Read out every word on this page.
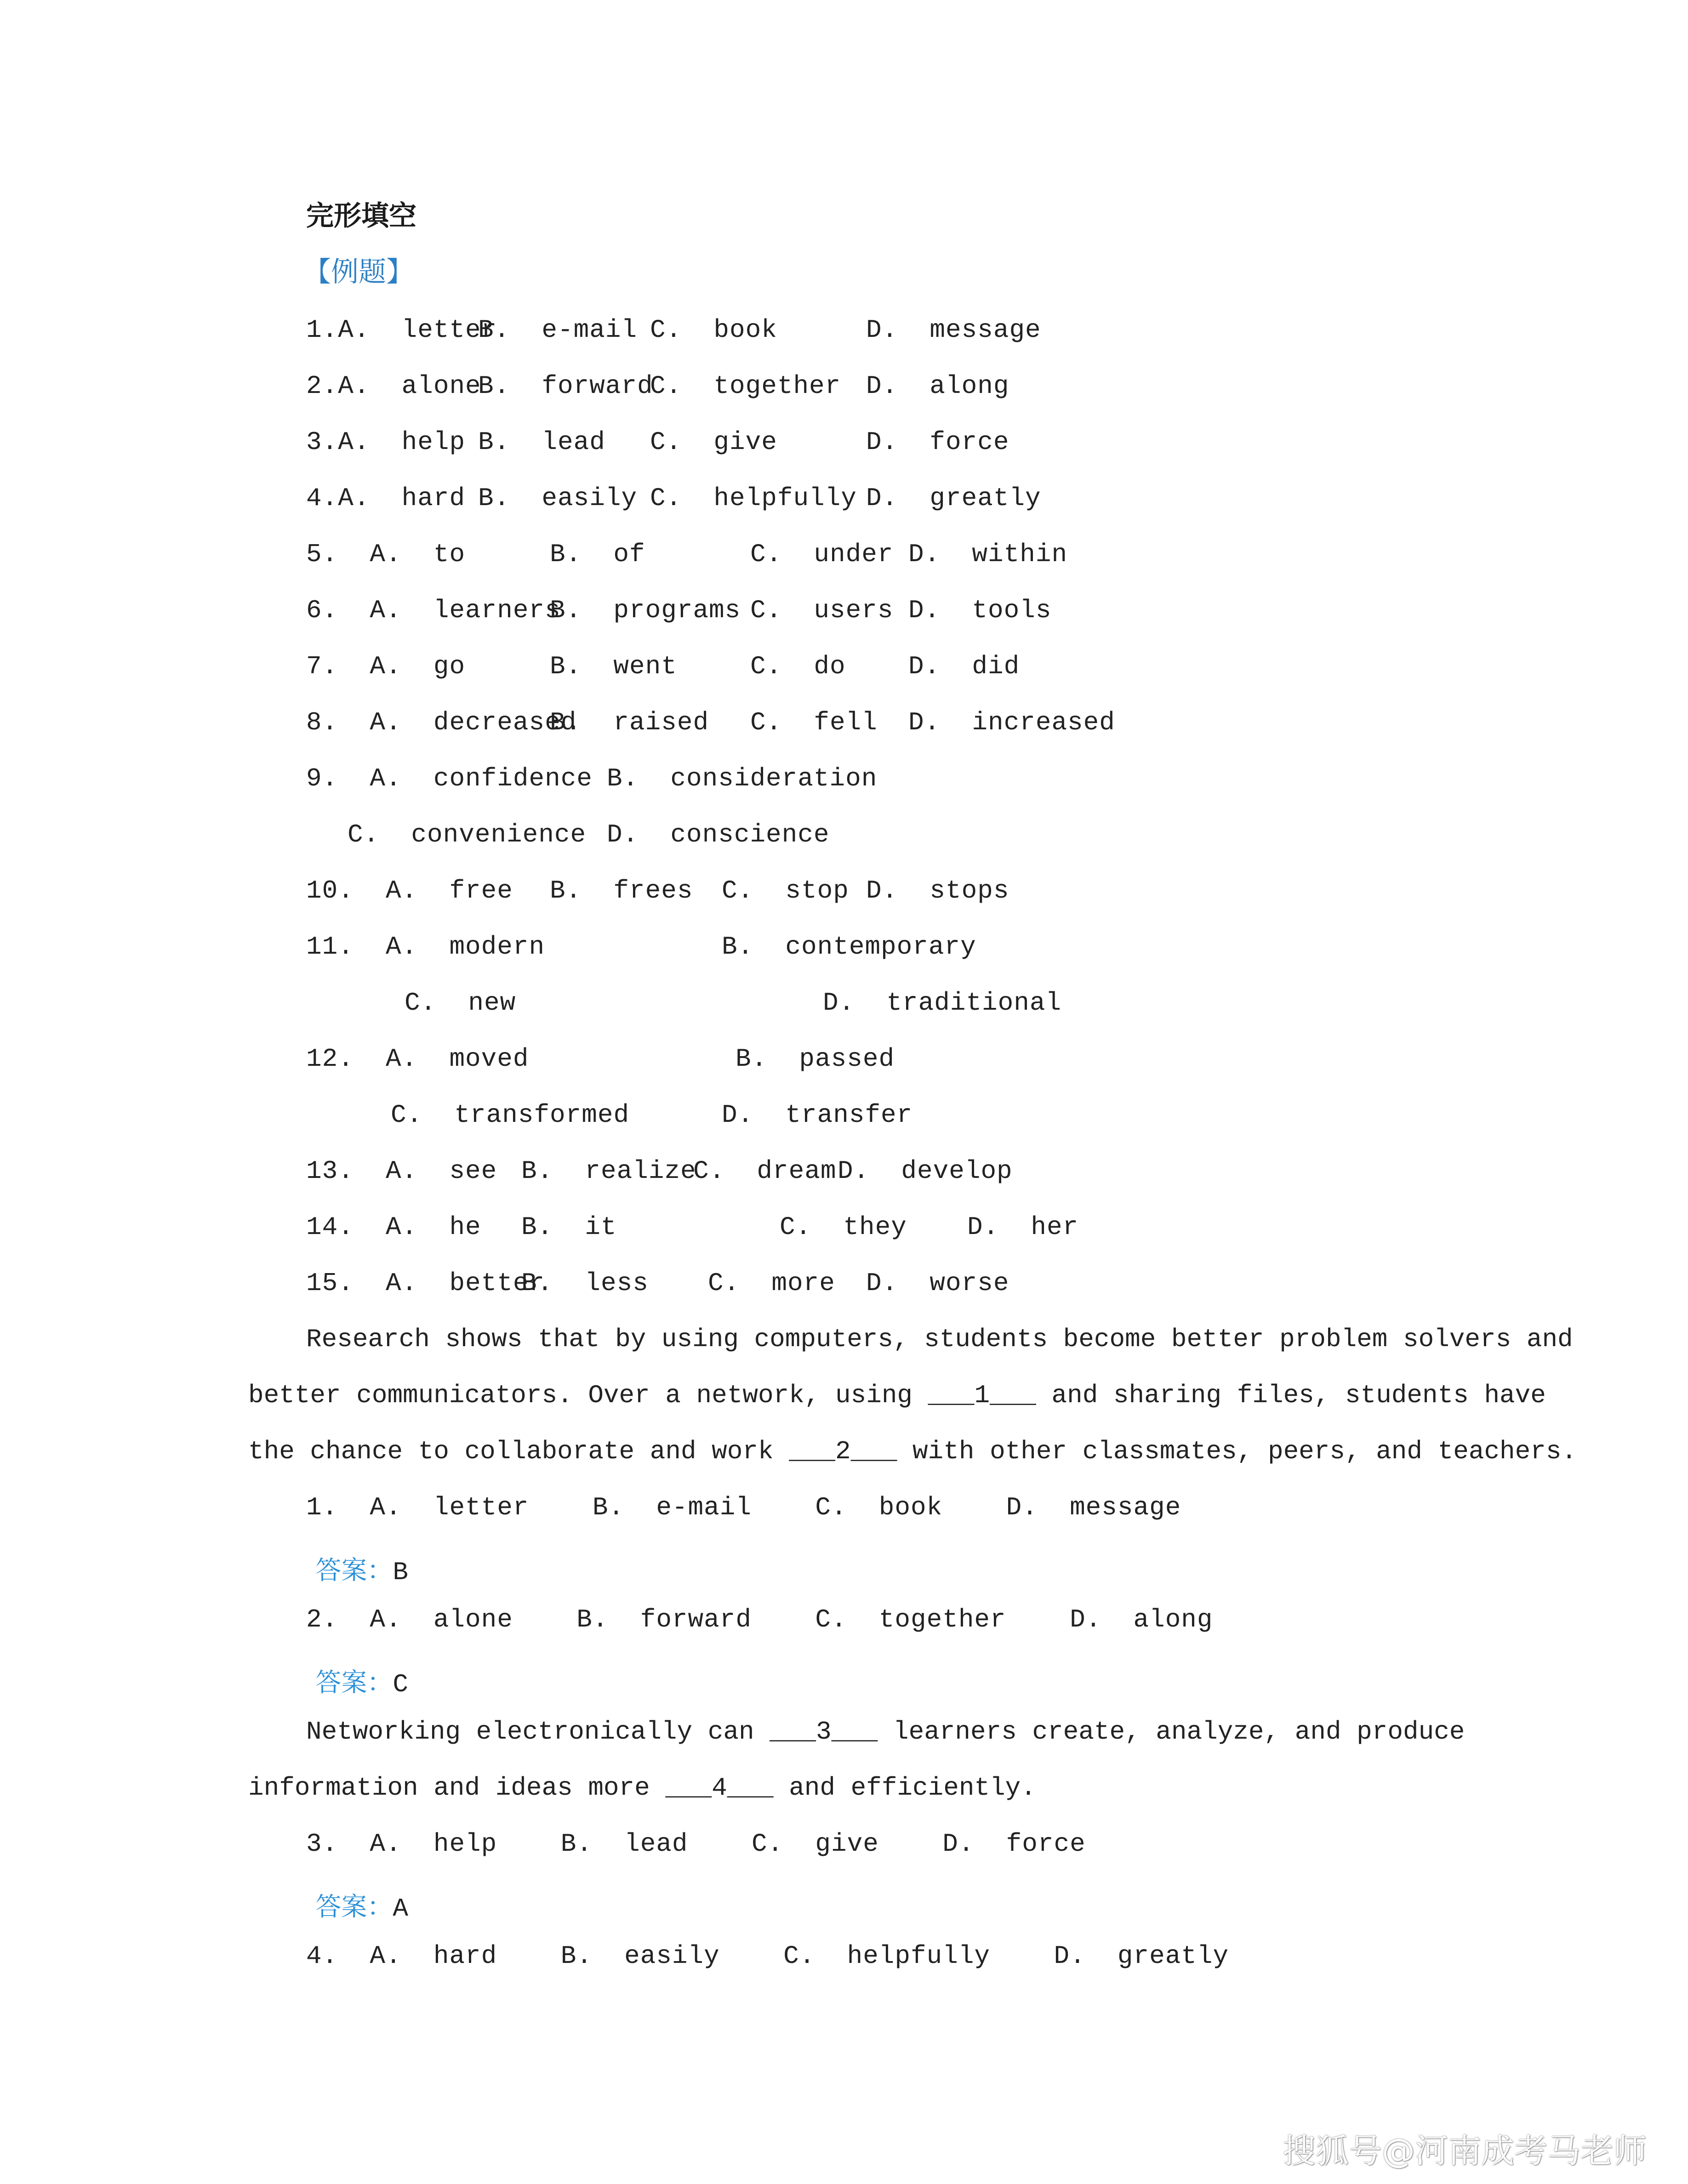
完形填空
【例题】
1.A.  letter
B.  e-mail C.  book	D.  message
2.A.  alone
B.  forward
C.  together D.  along
3.A.  help B.  lead C.  give	D.  force
4.A.  hard B.  easily C.  helpfully D.  greatly
5.  A.  to	B.  of	C.  under D.  within
6.  A.  learners
B.  programs C.  users D.  tools
7.  A.  go	B.  went	C.  do D.  did
8.  A.  decreased
B.  raised C.  fell D.  increased
9.  A.  confidence B.  consideration
C.  convenience D.  conscience
10.  A.  free B.  frees C.  stop D.  stops
11.  A.  modern	B.  contemporary
C.  new	D.  traditional
12.  A.  moved	B.  passed
C.  transformed	D.  transfer
13.  A.  see B.  realize
C.  dream D.  develop
14.  A.  he B.  it	C.  they D.  her
15.  A.  better
B.  less C.  more D.  worse
Research shows that by using computers, students become better problem solvers and
better communicators. Over a network, using ___1___ and sharing files, students have
the chance to collaborate and work ___2___ with other classmates, peers, and teachers.
1.  A.  letter    B.  e-mail    C.  book    D.  message

答案：B

2.  A.  alone    B.  forward    C.  together    D.  along

答案：C

Networking electronically can ___3___ learners create, analyze, and produce
information and ideas more ___4___ and efficiently.
3.  A.  help    B.  lead    C.  give    D.  force

答案：A

4.  A.  hard    B.  easily    C.  helpfully    D.  greatly
搜狐号@河南成考马老师
